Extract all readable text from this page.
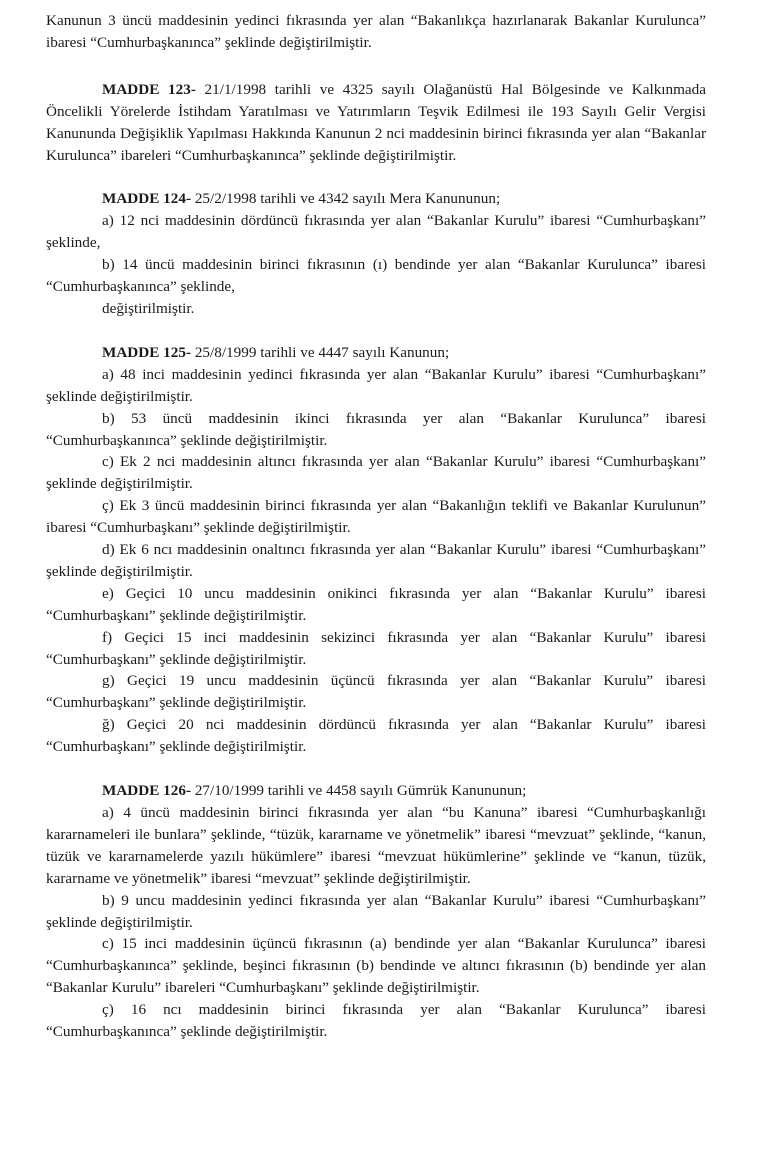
Kanunun 3 üncü maddesinin yedinci fıkrasında yer alan “Bakanlıkça hazırlanarak Bakanlar Kurulunca” ibaresi “Cumhurbaşkanınca” şeklinde değiştirilmiştir.

MADDE 123- 21/1/1998 tarihli ve 4325 sayılı Olağanüstü Hal Bölgesinde ve Kalkınmada Öncelikli Yörelerde İstihdam Yaratılması ve Yatırımların Teşvik Edilmesi ile 193 Sayılı Gelir Vergisi Kanununda Değişiklik Yapılması Hakkında Kanunun 2 nci maddesinin birinci fıkrasında yer alan “Bakanlar Kurulunca” ibareleri “Cumhurbaşkanınca” şeklinde değiştirilmiştir.

MADDE 124- 25/2/1998 tarihli ve 4342 sayılı Mera Kanununun;

a) 12 nci maddesinin dördüncü fıkrasında yer alan “Bakanlar Kurulu” ibaresi “Cumhurbaşkanı” şeklinde,

b) 14 üncü maddesinin birinci fıkrasının (ı) bendinde yer alan “Bakanlar Kurulunca” ibaresi “Cumhurbaşkanınca” şeklinde,

değiştirilmiştir.

MADDE 125- 25/8/1999 tarihli ve 4447 sayılı Kanunun;

a) 48 inci maddesinin yedinci fıkrasında yer alan “Bakanlar Kurulu” ibaresi “Cumhurbaşkanı” şeklinde değiştirilmiştir.

b) 53 üncü maddesinin ikinci fıkrasında yer alan “Bakanlar Kurulunca” ibaresi “Cumhurbaşkanınca” şeklinde değiştirilmiştir.

c) Ek 2 nci maddesinin altıncı fıkrasında yer alan “Bakanlar Kurulu” ibaresi “Cumhurbaşkanı” şeklinde değiştirilmiştir.

ç) Ek 3 üncü maddesinin birinci fıkrasında yer alan “Bakanlığın teklifi ve Bakanlar Kurulunun” ibaresi “Cumhurbaşkanı” şeklinde değiştirilmiştir.

d) Ek 6 ncı maddesinin onaltıncı fıkrasında yer alan “Bakanlar Kurulu” ibaresi “Cumhurbaşkanı” şeklinde değiştirilmiştir.

e) Geçici 10 uncu maddesinin onikinci fıkrasında yer alan “Bakanlar Kurulu” ibaresi “Cumhurbaşkanı” şeklinde değiştirilmiştir.

f) Geçici 15 inci maddesinin sekizinci fıkrasında yer alan “Bakanlar Kurulu” ibaresi “Cumhurbaşkanı” şeklinde değiştirilmiştir.

g) Geçici 19 uncu maddesinin üçüncü fıkrasında yer alan “Bakanlar Kurulu” ibaresi “Cumhurbaşkanı” şeklinde değiştirilmiştir.

ğ) Geçici 20 nci maddesinin dördüncü fıkrasında yer alan “Bakanlar Kurulu” ibaresi “Cumhurbaşkanı” şeklinde değiştirilmiştir.

MADDE 126- 27/10/1999 tarihli ve 4458 sayılı Gümrük Kanununun;

a) 4 üncü maddesinin birinci fıkrasında yer alan “bu Kanuna” ibaresi “Cumhurbaşkanlığı kararnameleri ile bunlara” şeklinde, “tüzük, kararname ve yönetmelik” ibaresi “mevzuat” şeklinde, “kanun, tüzük ve kararnamelerde yazılı hükümlere” ibaresi “mevzuat hükümlerine” şeklinde ve “kanun, tüzük, kararname ve yönetmelik” ibaresi “mevzuat” şeklinde değiştirilmiştir.

b) 9 uncu maddesinin yedinci fıkrasında yer alan “Bakanlar Kurulu” ibaresi “Cumhurbaşkanı” şeklinde değiştirilmiştir.

c) 15 inci maddesinin üçüncü fıkrasının (a) bendinde yer alan “Bakanlar Kurulunca” ibaresi “Cumhurbaşkanınca” şeklinde, beşinci fıkrasının (b) bendinde ve altıncı fıkrasının (b) bendinde yer alan “Bakanlar Kurulu” ibareleri “Cumhurbaşkanı” şeklinde değiştirilmiştir.

ç) 16 ncı maddesinin birinci fıkrasında yer alan “Bakanlar Kurulunca” ibaresi “Cumhurbaşkanınca” şeklinde değiştirilmiştir.
